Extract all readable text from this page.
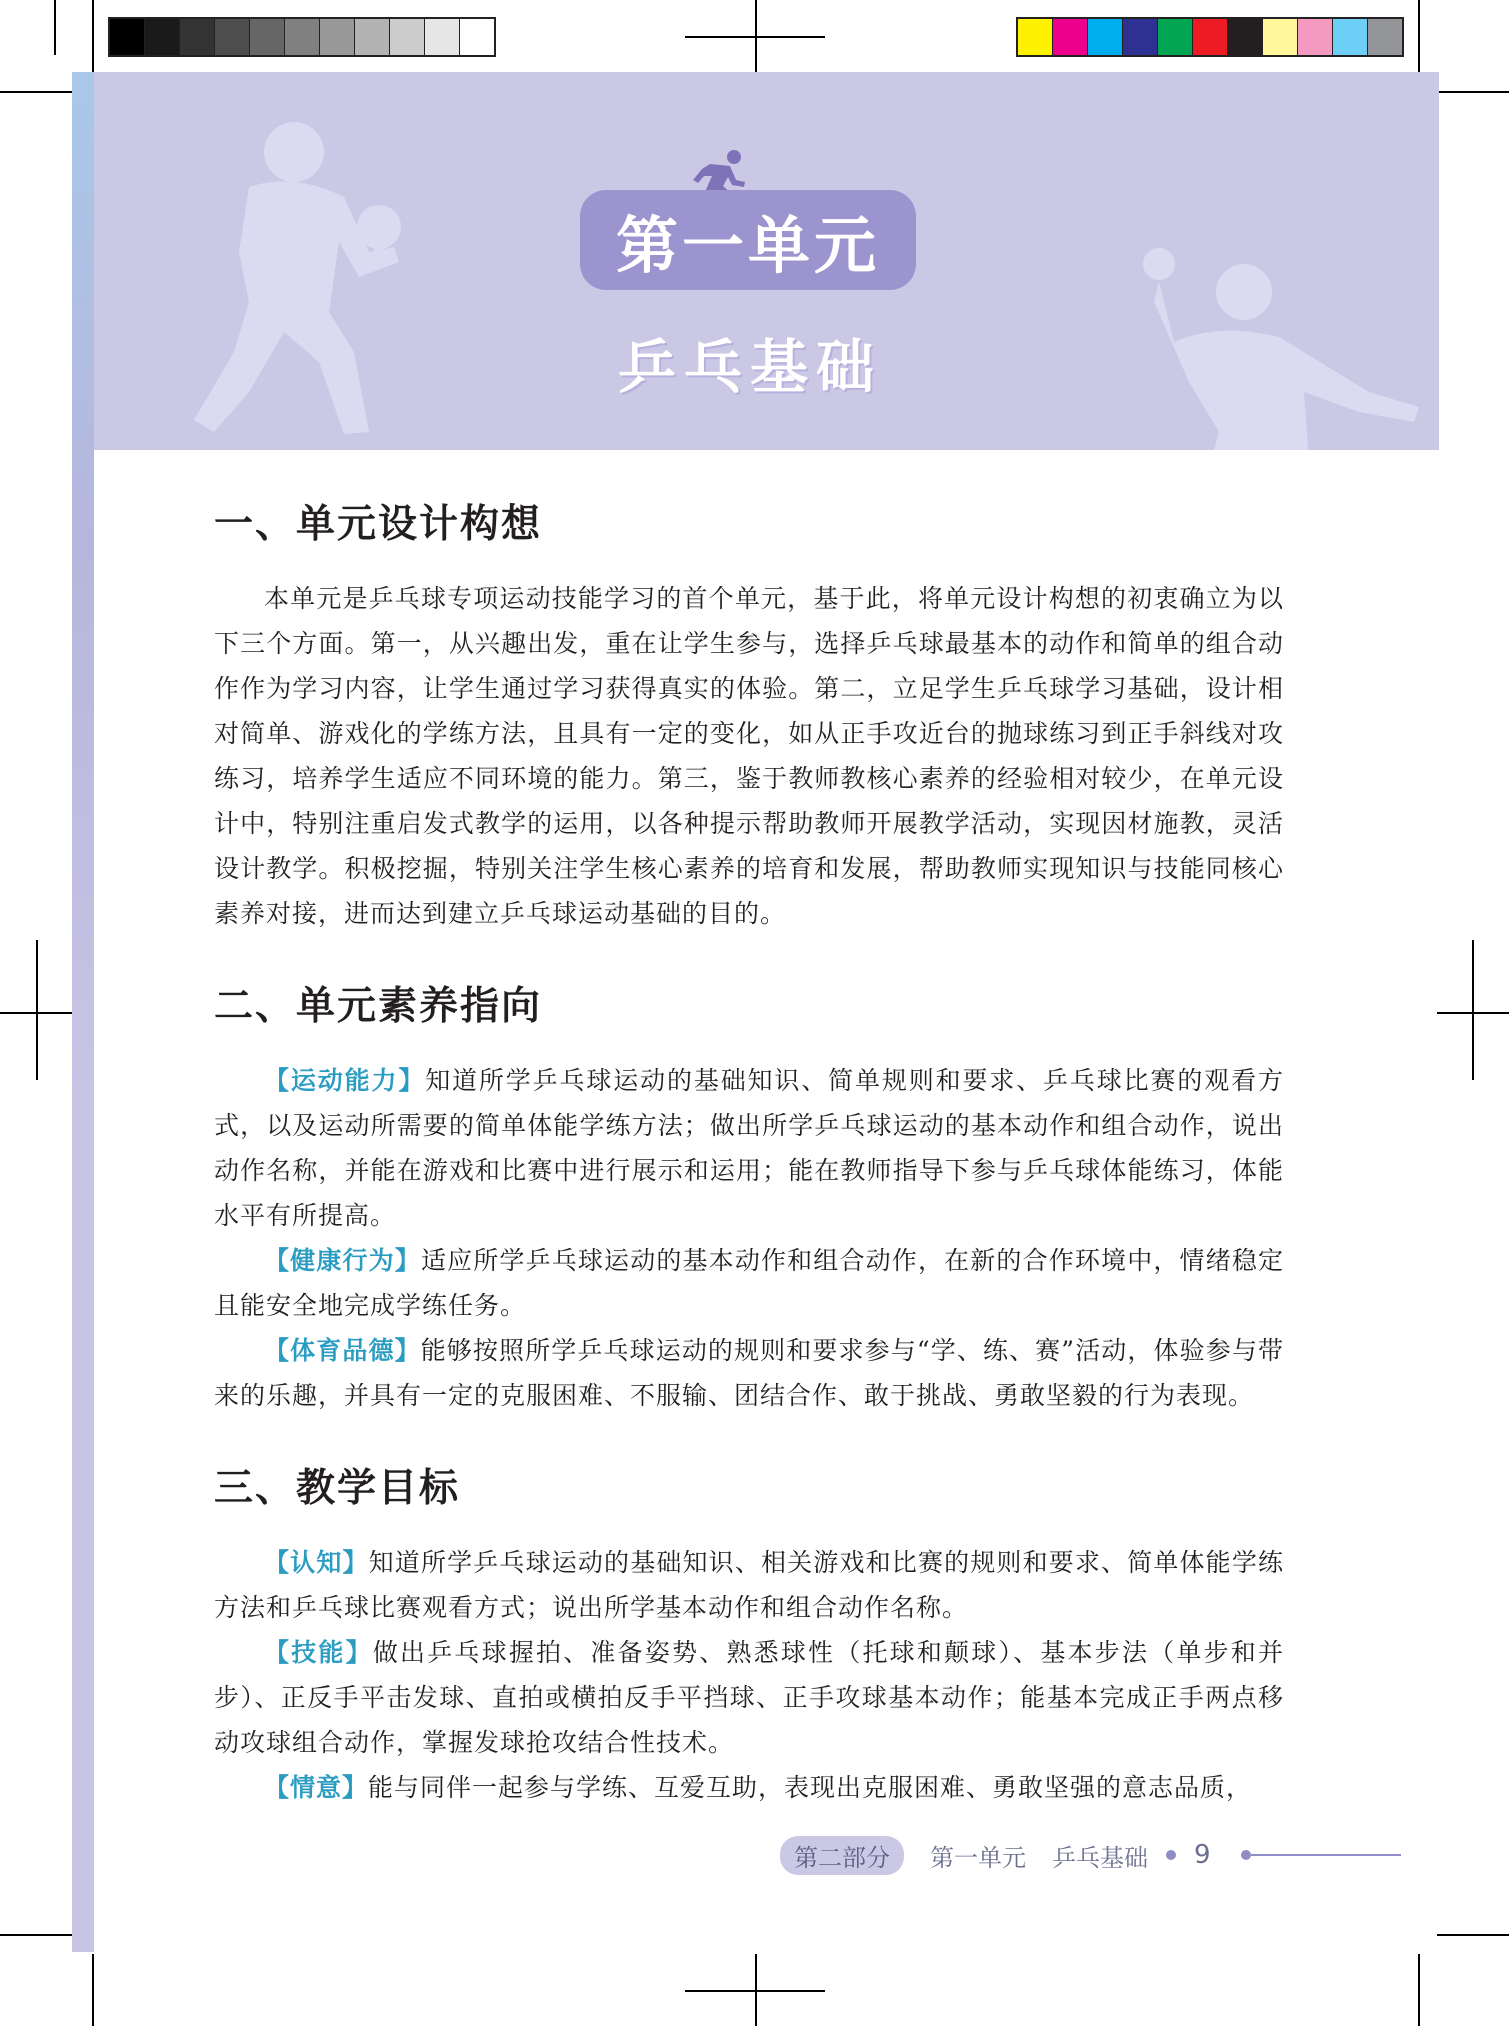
第一单元
乒乓基础
一、单元设计构想

本单元是乒乓球专项运动技能学习的首个单元，基于此，将单元设计构想的初衷确立为以下三个方面。第一，从兴趣出发，重在让学生参与，选择乒乓球最基本的动作和简单的组合动作作为学习内容，让学生通过学习获得真实的体验。第二，立足学生乒乓球学习基础，设计相对简单、游戏化的学练方法，且具有一定的变化，如从正手攻近台的抛球练习到正手斜线对攻练习，培养学生适应不同环境的能力。第三，鉴于教师教核心素养的经验相对较少，在单元设计中，特别注重启发式教学的运用，以各种提示帮助教师开展教学活动，实现因材施教，灵活设计教学。积极挖掘，特别关注学生核心素养的培育和发展，帮助教师实现知识与技能同核心素养对接，进而达到建立乒乓球运动基础的目的。

二、单元素养指向

【运动能力】知道所学乒乓球运动的基础知识、简单规则和要求、乒乓球比赛的观看方式，以及运动所需要的简单体能学练方法；做出所学乒乓球运动的基本动作和组合动作，说出动作名称，并能在游戏和比赛中进行展示和运用；能在教师指导下参与乒乓球体能练习，体能水平有所提高。

【健康行为】适应所学乒乓球运动的基本动作和组合动作，在新的合作环境中，情绪稳定且能安全地完成学练任务。

【体育品德】能够按照所学乒乓球运动的规则和要求参与“学、练、赛”活动，体验参与带来的乐趣，并具有一定的克服困难、不服输、团结合作、敢于挑战、勇敢坚毅的行为表现。

三、教学目标

【认知】知道所学乒乓球运动的基础知识、相关游戏和比赛的规则和要求、简单体能学练方法和乒乓球比赛观看方式；说出所学基本动作和组合动作名称。

【技能】做出乒乓球握拍、准备姿势、熟悉球性（托球和颠球）、基本步法（单步和并步）、正反手平击发球、直拍或横拍反手平挡球、正手攻球基本动作；能基本完成正手两点移动攻球组合动作，掌握发球抢攻结合性技术。

【情意】能与同伴一起参与学练、互爱互助，表现出克服困难、勇敢坚强的意志品质，

第二部分	第一单元 乒乓基础 9
